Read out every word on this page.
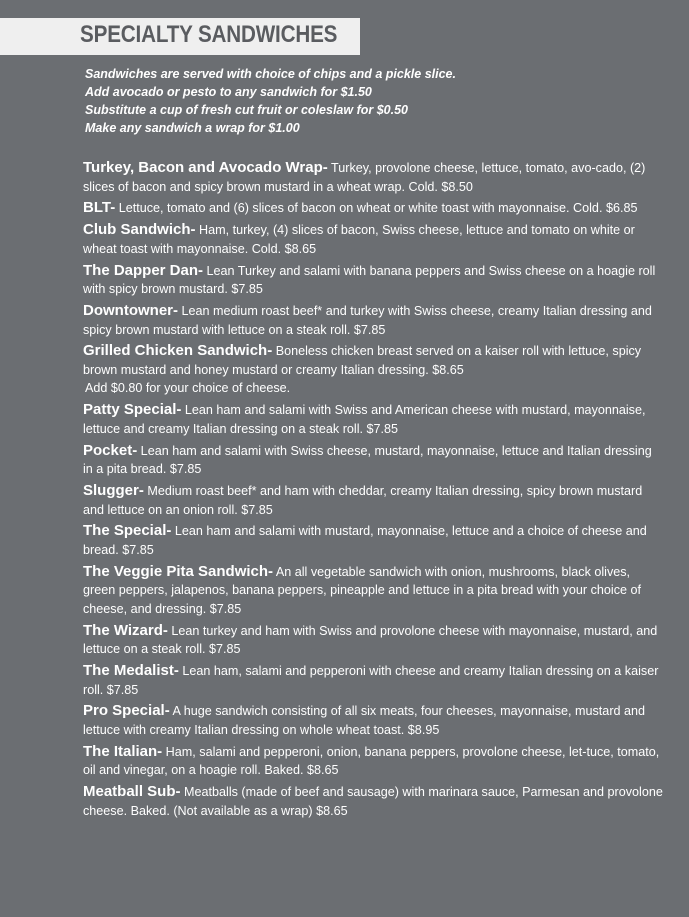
SPECIALTY SANDWICHES
Sandwiches are served with choice of chips and a pickle slice.
Add avocado or pesto to any sandwich for $1.50
Substitute a cup of fresh cut fruit or coleslaw for $0.50
Make any sandwich a wrap for $1.00
Turkey, Bacon and Avocado Wrap- Turkey, provolone cheese, lettuce, tomato, avo-cado, (2) slices of bacon and spicy brown mustard in a wheat wrap. Cold. $8.50
BLT- Lettuce, tomato and (6) slices of bacon on wheat or white toast with mayonnaise. Cold. $6.85
Club Sandwich- Ham, turkey, (4) slices of bacon, Swiss cheese, lettuce and tomato on white or wheat toast with mayonnaise. Cold. $8.65
The Dapper Dan- Lean Turkey and salami with banana peppers and Swiss cheese on a hoagie roll with spicy brown mustard. $7.85
Downtowner- Lean medium roast beef* and turkey with Swiss cheese, creamy Italian dressing and spicy brown mustard with lettuce on a steak roll. $7.85
Grilled Chicken Sandwich- Boneless chicken breast served on a kaiser roll with lettuce, spicy brown mustard and honey mustard or creamy Italian dressing. $8.65
Add $0.80 for your choice of cheese.
Patty Special- Lean ham and salami with Swiss and American cheese with mustard, mayonnaise, lettuce and creamy Italian dressing on a steak roll. $7.85
Pocket- Lean ham and salami with Swiss cheese, mustard, mayonnaise, lettuce and Italian dressing in a pita bread. $7.85
Slugger- Medium roast beef* and ham with cheddar, creamy Italian dressing, spicy brown mustard and lettuce on an onion roll. $7.85
The Special- Lean ham and salami with mustard, mayonnaise, lettuce and a choice of cheese and bread. $7.85
The Veggie Pita Sandwich- An all vegetable sandwich with onion, mushrooms, black olives, green peppers, jalapenos, banana peppers, pineapple and lettuce in a pita bread with your choice of cheese, and dressing. $7.85
The Wizard- Lean turkey and ham with Swiss and provolone cheese with mayonnaise, mustard, and lettuce on a steak roll. $7.85
The Medalist- Lean ham, salami and pepperoni with cheese and creamy Italian dressing on a kaiser roll. $7.85
Pro Special- A huge sandwich consisting of all six meats, four cheeses, mayonnaise, mustard and lettuce with creamy Italian dressing on whole wheat toast. $8.95
The Italian- Ham, salami and pepperoni, onion, banana peppers, provolone cheese, let-tuce, tomato, oil and vinegar, on a hoagie roll. Baked. $8.65
Meatball Sub- Meatballs (made of beef and sausage) with marinara sauce, Parmesan and provolone cheese. Baked. (Not available as a wrap) $8.65
